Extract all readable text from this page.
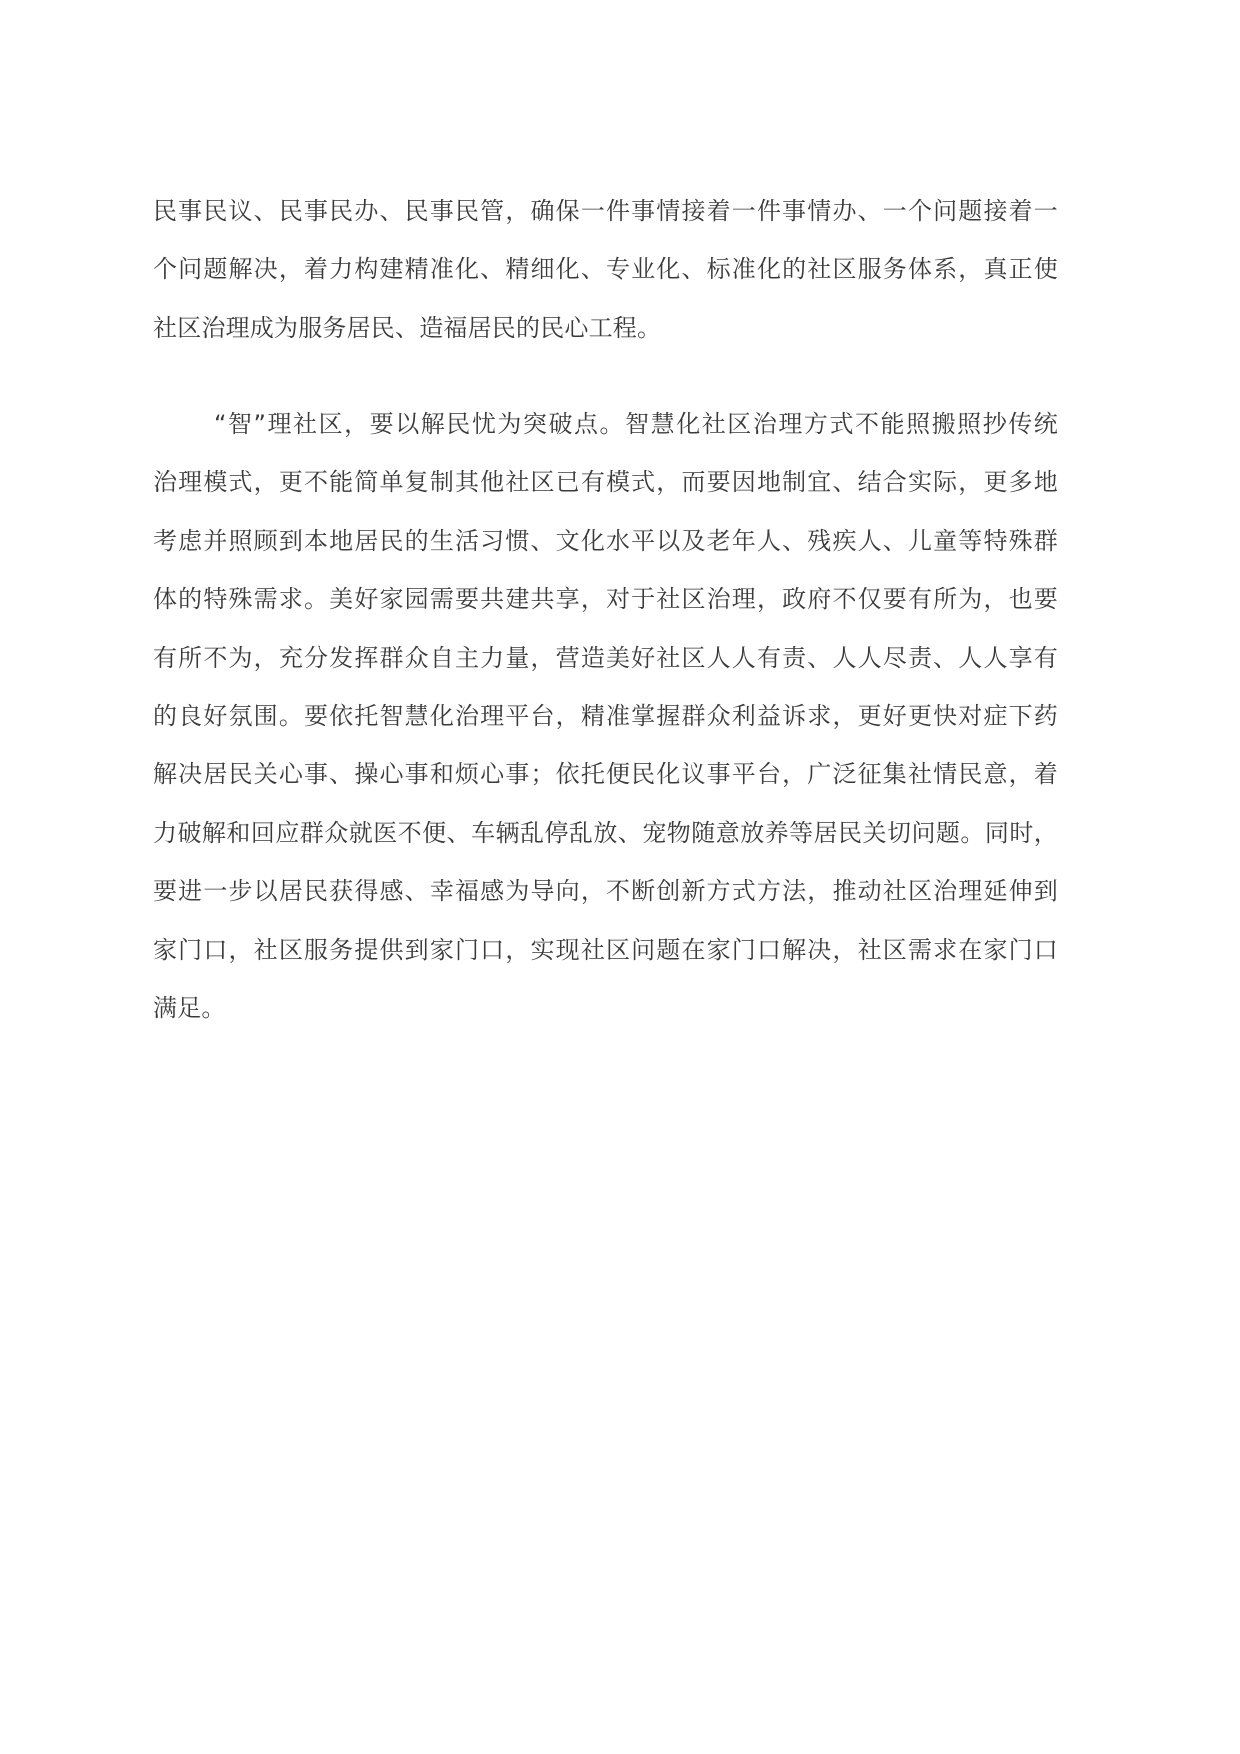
民事民议、民事民办、民事民管，确保一件事情接着一件事情办、一个问题接着一
个问题解决，着力构建精准化、精细化、专业化、标准化的社区服务体系，真正使
社区治理成为服务居民、造福居民的民心工程。
“智”理社区，要以解民忧为突破点。智慧化社区治理方式不能照搬照抄传统
治理模式，更不能简单复制其他社区已有模式，而要因地制宜、结合实际，更多地
考虑并照顾到本地居民的生活习惯、文化水平以及老年人、残疾人、儿童等特殊群
体的特殊需求。美好家园需要共建共享，对于社区治理，政府不仅要有所为，也要
有所不为，充分发挥群众自主力量，营造美好社区人人有责、人人尽责、人人享有
的良好氛围。要依托智慧化治理平台，精准掌握群众利益诉求，更好更快对症下药
解决居民关心事、操心事和烦心事；依托便民化议事平台，广泛征集社情民意，着
力破解和回应群众就医不便、车辆乱停乱放、宠物随意放养等居民关切问题。同时，
要进一步以居民获得感、幸福感为导向，不断创新方式方法，推动社区治理延伸到
家门口，社区服务提供到家门口，实现社区问题在家门口解决，社区需求在家门口
满足。
